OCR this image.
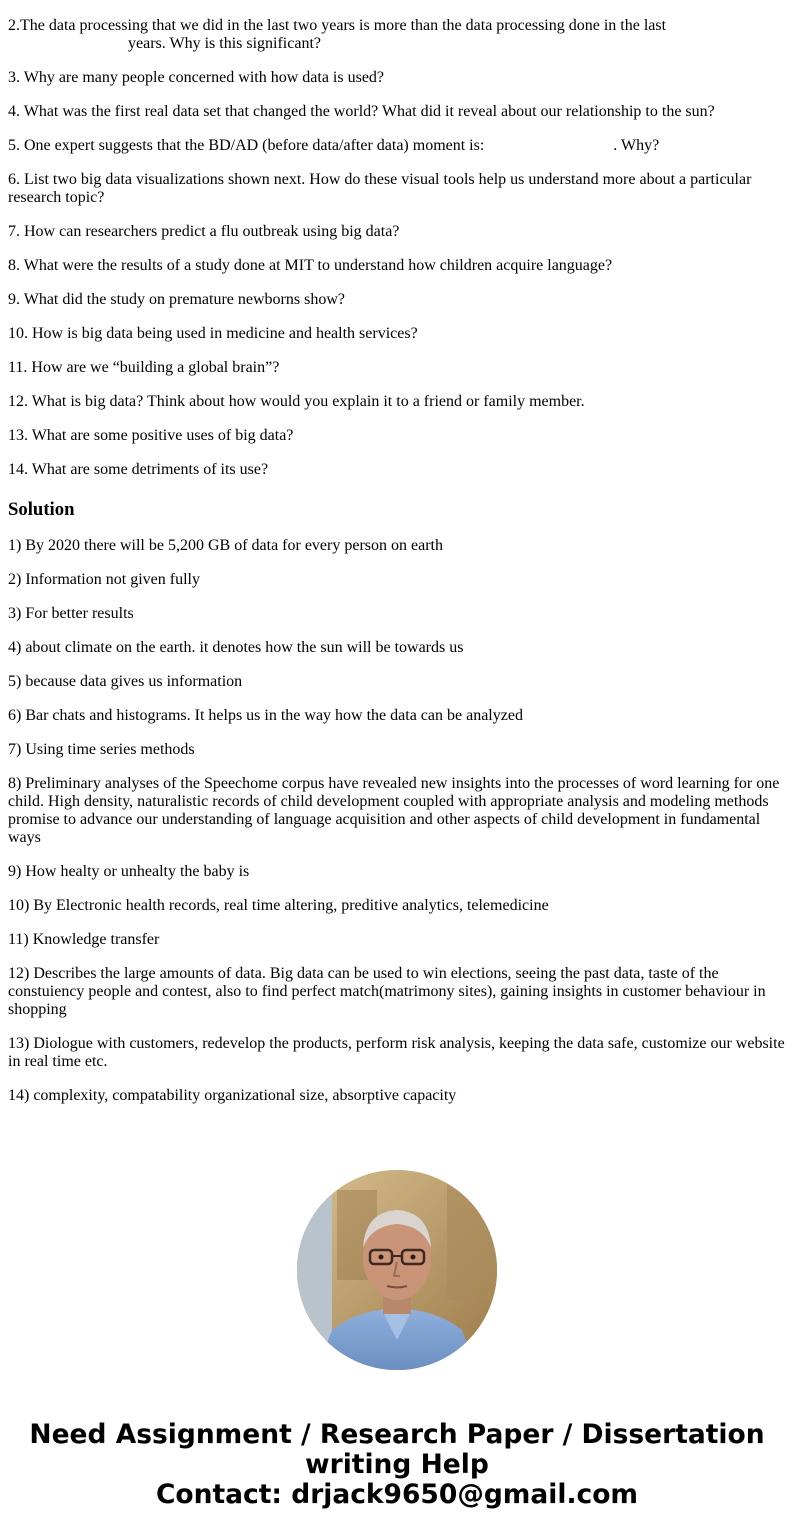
2.The data processing that we did in the last two years is more than the data processing done in the last
years. Why is this significant?

3. Why are many people concerned with how data is used?

4. What was the first real data set that changed the world? What did it reveal about our relationship to the sun?

5. One expert suggests that the BD/AD (before data/after data) moment is:	. Why?

6. List two big data visualizations shown next. How do these visual tools help us understand more about a particular research topic?

7. How can researchers predict a flu outbreak using big data?

8. What were the results of a study done at MIT to understand how children acquire language?

9. What did the study on premature newborns show?

10. How is big data being used in medicine and health services?

11. How are we “building a global brain”?

12. What is big data? Think about how would you explain it to a friend or family member.

13. What are some positive uses of big data?

14. What are some detriments of its use?

Solution

1) By 2020 there will be 5,200 GB of data for every person on earth

2) Information not given fully

3) For better results

4) about climate on the earth. it denotes how the sun will be towards us

5) because data gives us information

6) Bar chats and histograms. It helps us in the way how the data can be analyzed

7) Using time series methods

8) Preliminary analyses of the Speechome corpus have revealed new insights into the processes of word learning for one child. High density, naturalistic records of child development coupled with appropriate analysis and modeling methods promise to advance our understanding of language acquisition and other aspects of child development in fundamental ways

9) How healty or unhealty the baby is

10) By Electronic health records, real time altering, preditive analytics, telemedicine

11) Knowledge transfer

12) Describes the large amounts of data. Big data can be used to win elections, seeing the past data, taste of the constuiency people and contest, also to find perfect match(matrimony sites), gaining insights in customer behaviour in shopping

13) Diologue with customers, redevelop the products, perform risk analysis, keeping the data safe, customize our website in real time etc.

14) complexity, compatability organizational size, absorptive capacity

Need Assignment / Research Paper / Dissertation writing Help
Contact: drjack9650@gmail.com
